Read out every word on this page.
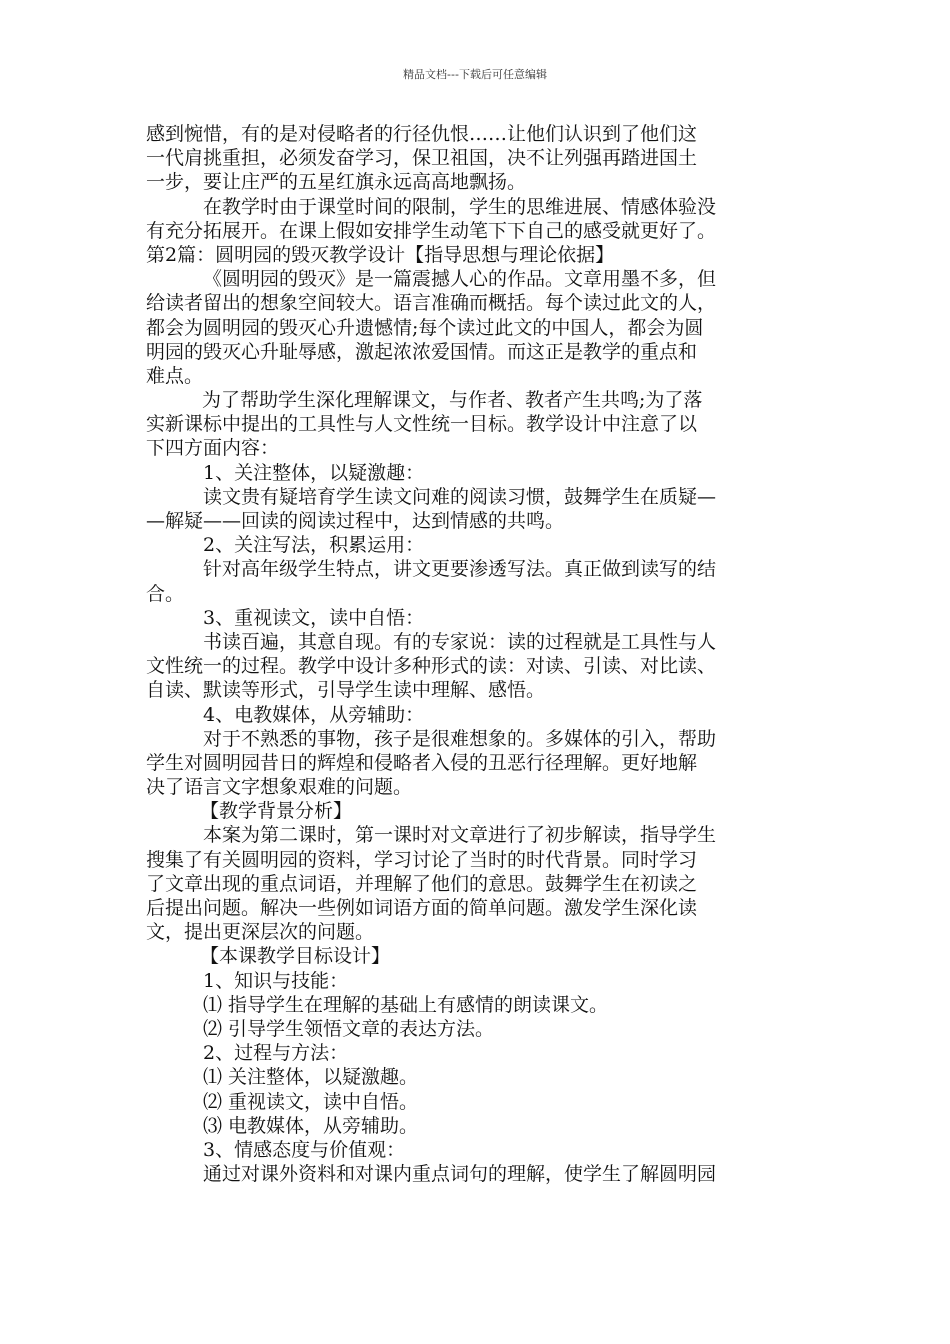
精品文档---下载后可任意编辑
感到惋惜，有的是对侵略者的行径仇恨……让他们认识到了他们这
一代肩挑重担，必须发奋学习，保卫祖国，决不让列强再踏进国土
一步，要让庄严的五星红旗永远高高地飘扬。
在教学时由于课堂时间的限制，学生的思维进展、情感体验没
有充分拓展开。在课上假如安排学生动笔下下自己的感受就更好了。
第2篇：圆明园的毁灭教学设计【指导思想与理论依据】
《圆明园的毁灭》是一篇震撼人心的作品。文章用墨不多，但
给读者留出的想象空间较大。语言准确而概括。每个读过此文的人，
都会为圆明园的毁灭心升遗憾情;每个读过此文的中国人，都会为圆
明园的毁灭心升耻辱感，激起浓浓爱国情。而这正是教学的重点和
难点。
为了帮助学生深化理解课文，与作者、教者产生共鸣;为了落
实新课标中提出的工具性与人文性统一目标。教学设计中注意了以
下四方面内容：
1、关注整体，以疑激趣：
读文贵有疑培育学生读文问难的阅读习惯，鼓舞学生在质疑—
—解疑——回读的阅读过程中，达到情感的共鸣。
2、关注写法，积累运用：
针对高年级学生特点，讲文更要渗透写法。真正做到读写的结
合。
3、重视读文，读中自悟：
书读百遍，其意自现。有的专家说：读的过程就是工具性与人
文性统一的过程。教学中设计多种形式的读：对读、引读、对比读、
自读、默读等形式，引导学生读中理解、感悟。
4、电教媒体，从旁辅助：
对于不熟悉的事物，孩子是很难想象的。多媒体的引入，帮助
学生对圆明园昔日的辉煌和侵略者入侵的丑恶行径理解。更好地解
决了语言文字想象艰难的问题。
【教学背景分析】
本案为第二课时，第一课时对文章进行了初步解读，指导学生
搜集了有关圆明园的资料，学习讨论了当时的时代背景。同时学习
了文章出现的重点词语，并理解了他们的意思。鼓舞学生在初读之
后提出问题。解决一些例如词语方面的简单问题。激发学生深化读
文，提出更深层次的问题。
【本课教学目标设计】
1、知识与技能：
⑴ 指导学生在理解的基础上有感情的朗读课文。
⑵ 引导学生领悟文章的表达方法。
2、过程与方法：
⑴ 关注整体，以疑激趣。
⑵ 重视读文，读中自悟。
⑶ 电教媒体，从旁辅助。
3、情感态度与价值观：
通过对课外资料和对课内重点词句的理解，使学生了解圆明园
